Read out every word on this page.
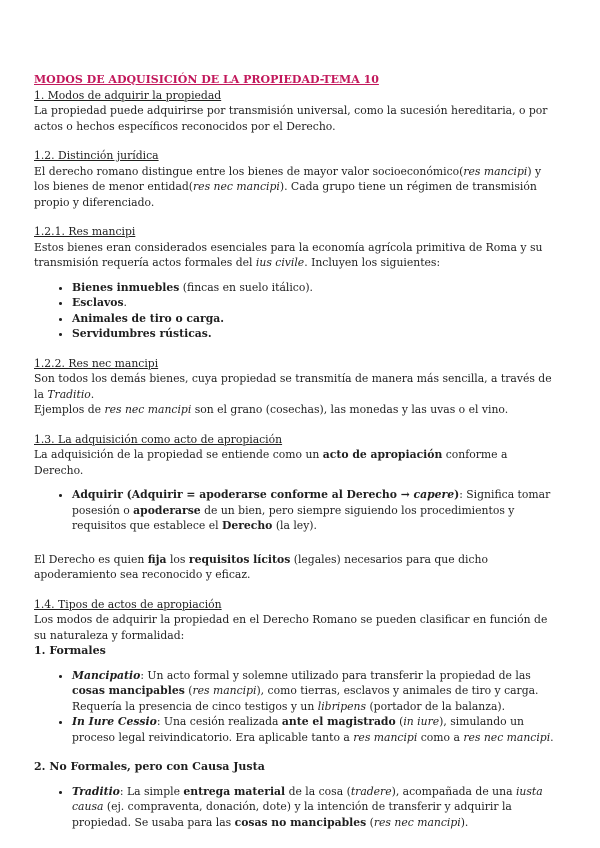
MODOS DE ADQUISICIÓN DE LA PROPIEDAD-TEMA 10

1. Modos de adquirir la propiedad

La propiedad puede adquirirse por transmisión universal, como la sucesión hereditaria, o por actos o hechos específicos reconocidos por el Derecho.

1.2. Distinción jurídica

El derecho romano distingue entre los bienes de mayor valor socioeconómico(res mancipi) y los bienes de menor entidad(res nec mancipi). Cada grupo tiene un régimen de transmisión propio y diferenciado.

1.2.1. Res mancipi

Estos bienes eran considerados esenciales para la economía agrícola primitiva de Roma y su transmisión requería actos formales del ius civile. Incluyen los siguientes:

• Bienes inmuebles (fincas en suelo itálico).
• Esclavos.
• Animales de tiro o carga.
• Servidumbres rústicas.

1.2.2. Res nec mancipi

Son todos los demás bienes, cuya propiedad se transmitía de manera más sencilla, a través de la Traditio.

Ejemplos de res nec mancipi son el grano (cosechas), las monedas y las uvas o el vino.

1.3. La adquisición como acto de apropiación

La adquisición de la propiedad se entiende como un acto de apropiación conforme a Derecho.

• Adquirir (Adquirir = apoderarse conforme al Derecho → capere): Significa tomar posesión o apoderarse de un bien, pero siempre siguiendo los procedimientos y requisitos que establece el Derecho (la ley).

El Derecho es quien fija los requisitos lícitos (legales) necesarios para que dicho apoderamiento sea reconocido y eficaz.

1.4. Tipos de actos de apropiación

Los modos de adquirir la propiedad en el Derecho Romano se pueden clasificar en función de su naturaleza y formalidad:

1. Formales

• Mancipatio: Un acto formal y solemne utilizado para transferir la propiedad de las cosas mancipables (res mancipi), como tierras, esclavos y animales de tiro y carga. Requería la presencia de cinco testigos y un libripens (portador de la balanza).
• In Iure Cessio: Una cesión realizada ante el magistrado (in iure), simulando un proceso legal reivindicatorio. Era aplicable tanto a res mancipi como a res nec mancipi.

2. No Formales, pero con Causa Justa

• Traditio: La simple entrega material de la cosa (tradere), acompañada de una iusta causa (ej. compraventa, donación, dote) y la intención de transferir y adquirir la propiedad. Se usaba para las cosas no mancipables (res nec mancipi).
